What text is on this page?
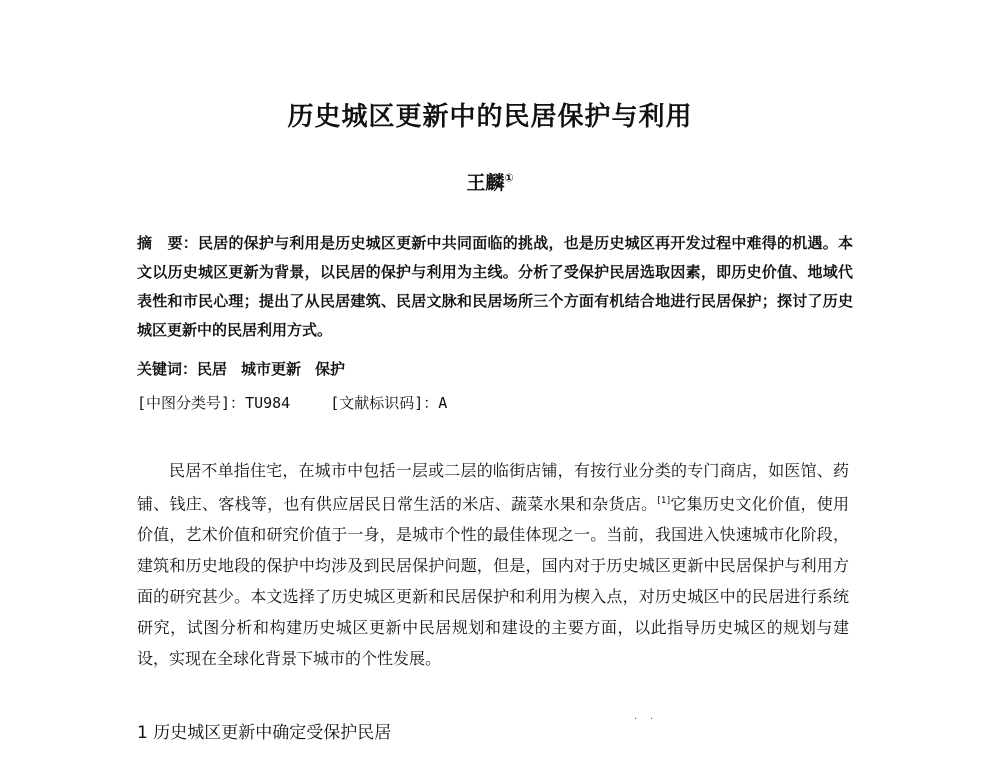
历史城区更新中的民居保护与利用
王麟①
摘　要：民居的保护与利用是历史城区更新中共同面临的挑战，也是历史城区再开发过程中难得的机遇。本文以历史城区更新为背景，以民居的保护与利用为主线。分析了受保护民居选取因素，即历史价值、地域代表性和市民心理；提出了从民居建筑、民居文脉和民居场所三个方面有机结合地进行民居保护；探讨了历史城区更新中的民居利用方式。
关键词：民居 城市更新 保护
[中图分类号]：TU984	[文献标识码]：A
民居不单指住宅，在城市中包括一层或二层的临街店铺，有按行业分类的专门商店，如医馆、药铺、钱庄、客栈等，也有供应居民日常生活的米店、蔬菜水果和杂货店。[1]它集历史文化价值，使用价值，艺术价值和研究价值于一身，是城市个性的最佳体现之一。当前，我国进入快速城市化阶段，建筑和历史地段的保护中均涉及到民居保护问题，但是，国内对于历史城区更新中民居保护与利用方面的研究甚少。本文选择了历史城区更新和民居保护和利用为楔入点，对历史城区中的民居进行系统研究，试图分析和构建历史城区更新中民居规划和建设的主要方面，以此指导历史城区的规划与建设，实现在全球化背景下城市的个性发展。
1 历史城区更新中确定受保护民居
·    ·
